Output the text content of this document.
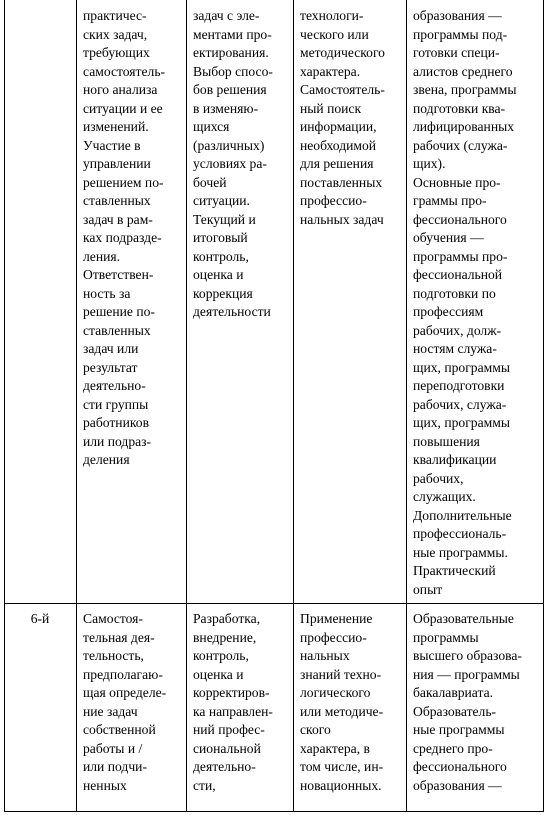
практичес-
ских задач,
требующих
самостоятель-
ного анализа
ситуации и ее
изменений.
Участие в
управлении
решением по-
ставленных
задач в рам-
ках подразде-
ления.
Ответствен-
ность за
решение по-
ставленных
задач или
результат
деятельно-
сти группы
работников
или подраз-
деления
задач с эле-
ментами про-
ектирования.
Выбор спосо-
бов решения
в изменяю-
щихся
(различных)
условиях ра-
бочей
ситуации.
Текущий и
итоговый
контроль,
оценка и
коррекция
деятельности
технологи-
ческого или
методического
характера.
Самостоятель-
ный поиск
информации,
необходимой
для решения
поставленных
профессио-
нальных задач
образования —
программы под-
готовки специ-
алистов среднего
звена, программы
подготовки ква-
лифицированных
рабочих (служа-
щих).
Основные про-
граммы про-
фессионального
обучения —
программы про-
фессиональной
подготовки по
профессиям
рабочих, долж-
ностям служа-
щих, программы
переподготовки
рабочих, служа-
щих, программы
повышения
квалификации
рабочих,
служащих.
Дополнительные
профессиональ-
ные программы.
Практический
опыт
6-й	Самостоя-
тельная дея-
тельность,
предполагаю-
щая определе-
ние задач
собственной
работы и /
или подчи-
ненных
Разработка,
внедрение,
контроль,
оценка и
корректиров-
ка направлен-
ний профес-
сиональной
деятельно-
сти,
Применение
профессио-
нальных
знаний техно-
логического
или методиче-
ского
характера, в
том числе, ин-
новационных.
Образовательные
программы
высшего образова-
ния — программы
бакалавриата.
Образователь-
ные программы
среднего про-
фессионального
образования —
